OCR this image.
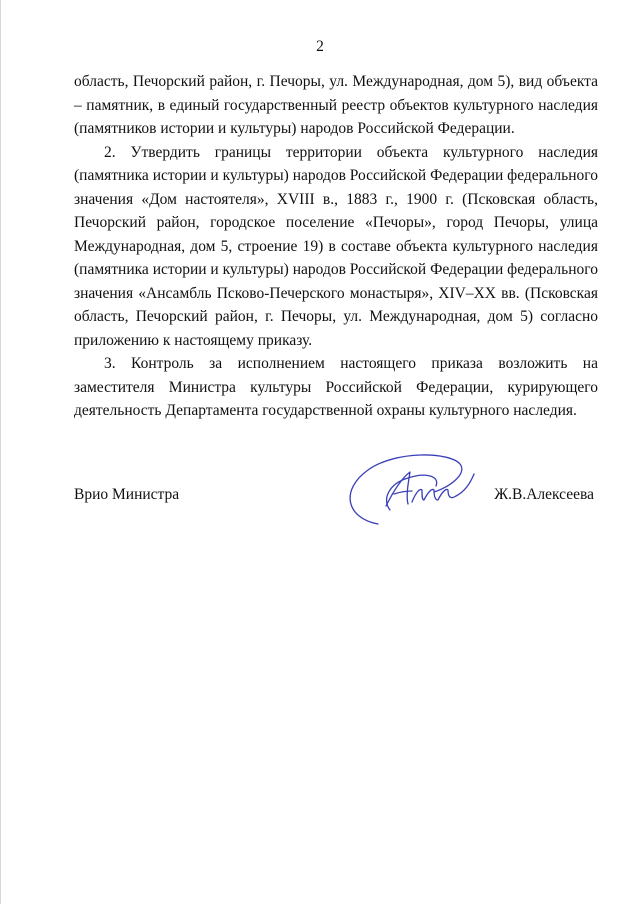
2

область, Печорский район, г. Печоры, ул. Международная, дом 5), вид объекта – памятник, в единый государственный реестр объектов культурного наследия (памятников истории и культуры) народов Российской Федерации.

2. Утвердить границы территории объекта культурного наследия (памятника истории и культуры) народов Российской Федерации федерального значения «Дом настоятеля», XVIII в., 1883 г., 1900 г. (Псковская область, Печорский район, городское поселение «Печоры», город Печоры, улица Международная, дом 5, строение 19) в составе объекта культурного наследия (памятника истории и культуры) народов Российской Федерации федерального значения «Ансамбль Псково-Печерского монастыря», XIV–XX вв. (Псковская область, Печорский район, г. Печоры, ул. Международная, дом 5) согласно приложению к настоящему приказу.

3. Контроль за исполнением настоящего приказа возложить на заместителя Министра культуры Российской Федерации, курирующего деятельность Департамента государственной охраны культурного наследия.

Врио Министра	Ж.В.Алексеева
